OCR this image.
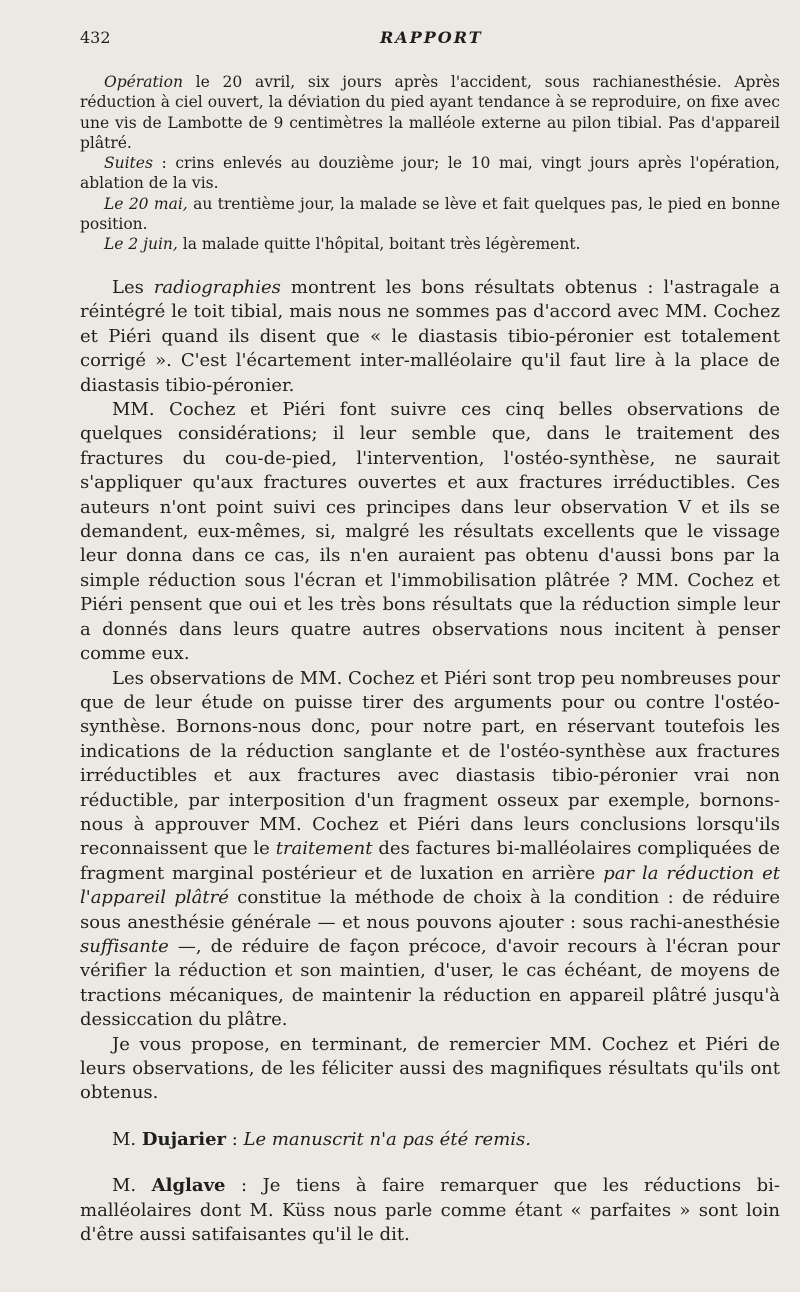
432	RAPPORT

Opération le 20 avril, six jours après l'accident, sous rachianesthésie. Après réduction à ciel ouvert, la déviation du pied ayant tendance à se reproduire, on fixe avec une vis de Lambotte de 9 centimètres la malléole externe au pilon tibial. Pas d'appareil plâtré.

Suites : crins enlevés au douzième jour; le 10 mai, vingt jours après l'opération, ablation de la vis.

Le 20 mai, au trentième jour, la malade se lève et fait quelques pas, le pied en bonne position.

Le 2 juin, la malade quitte l'hôpital, boitant très légèrement.

Les radiographies montrent les bons résultats obtenus : l'astragale a réintégré le toit tibial, mais nous ne sommes pas d'accord avec MM. Cochez et Piéri quand ils disent que « le diastasis tibio-péronier est totalement corrigé ». C'est l'écartement inter-malléolaire qu'il faut lire à la place de diastasis tibio-péronier.

MM. Cochez et Piéri font suivre ces cinq belles observations de quelques considérations; il leur semble que, dans le traitement des fractures du cou-de-pied, l'intervention, l'ostéo-synthèse, ne saurait s'appliquer qu'aux fractures ouvertes et aux fractures irréductibles. Ces auteurs n'ont point suivi ces principes dans leur observation V et ils se demandent, eux-mêmes, si, malgré les résultats excellents que le vissage leur donna dans ce cas, ils n'en auraient pas obtenu d'aussi bons par la simple réduction sous l'écran et l'immobilisation plâtrée ? MM. Cochez et Piéri pensent que oui et les très bons résultats que la réduction simple leur a donnés dans leurs quatre autres observations nous incitent à penser comme eux.

Les observations de MM. Cochez et Piéri sont trop peu nombreuses pour que de leur étude on puisse tirer des arguments pour ou contre l'ostéo-synthèse. Bornons-nous donc, pour notre part, en réservant toutefois les indications de la réduction sanglante et de l'ostéo-synthèse aux fractures irréductibles et aux fractures avec diastasis tibio-péronier vrai non réductible, par interposition d'un fragment osseux par exemple, bornons-nous à approuver MM. Cochez et Piéri dans leurs conclusions lorsqu'ils reconnaissent que le traitement des factures bi-malléolaires compliquées de fragment marginal postérieur et de luxation en arrière par la réduction et l'appareil plâtré constitue la méthode de choix à la condition : de réduire sous anesthésie générale — et nous pouvons ajouter : sous rachi-anesthésie suffisante —, de réduire de façon précoce, d'avoir recours à l'écran pour vérifier la réduction et son maintien, d'user, le cas échéant, de moyens de tractions mécaniques, de maintenir la réduction en appareil plâtré jusqu'à dessiccation du plâtre.

Je vous propose, en terminant, de remercier MM. Cochez et Piéri de leurs observations, de les féliciter aussi des magnifiques résultats qu'ils ont obtenus.

M. Dujarier : Le manuscrit n'a pas été remis.

M. Alglave : Je tiens à faire remarquer que les réductions bi-malléolaires dont M. Küss nous parle comme étant « parfaites » sont loin d'être aussi satifaisantes qu'il le dit.
